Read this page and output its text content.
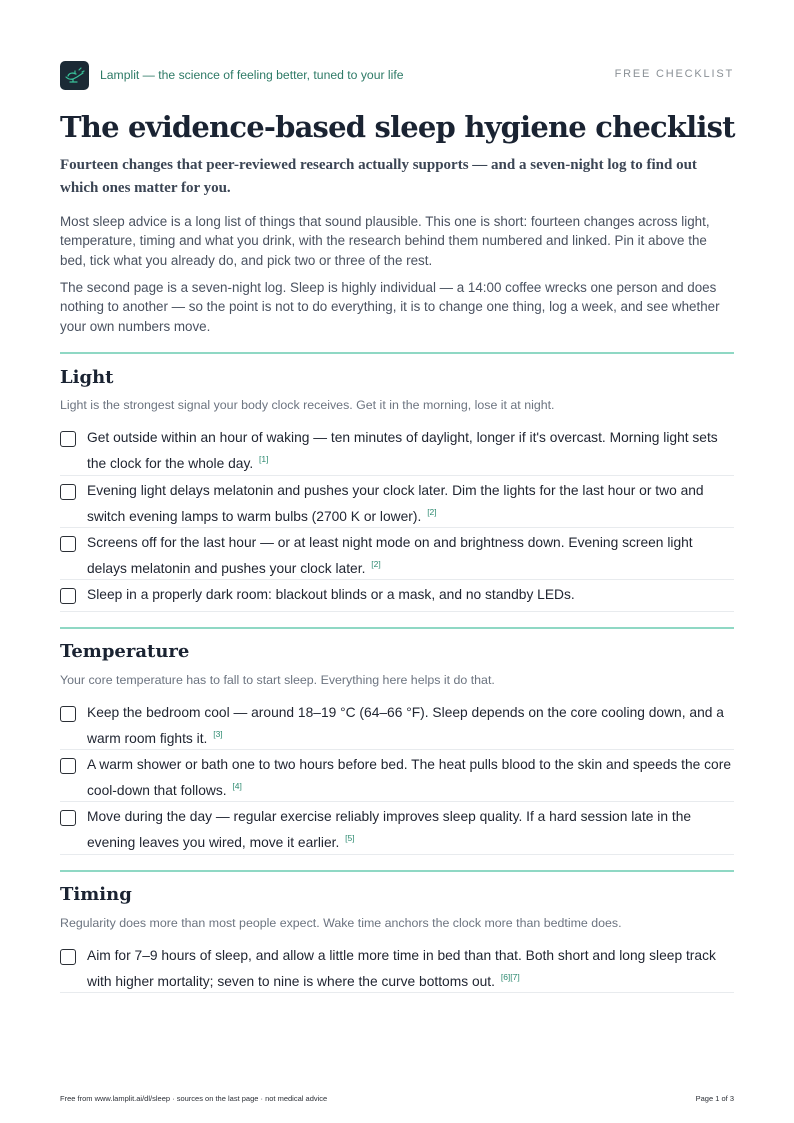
Lamplit — the science of feeling better, tuned to your life	FREE CHECKLIST
The evidence-based sleep hygiene checklist

Fourteen changes that peer-reviewed research actually supports — and a seven-night log to find out which ones matter for you.

Most sleep advice is a long list of things that sound plausible. This one is short: fourteen changes across light, temperature, timing and what you drink, with the research behind them numbered and linked. Pin it above the bed, tick what you already do, and pick two or three of the rest.

The second page is a seven-night log. Sleep is highly individual — a 14:00 coffee wrecks one person and does nothing to another — so the point is not to do everything, it is to change one thing, log a week, and see whether your own numbers move.

Light

Light is the strongest signal your body clock receives. Get it in the morning, lose it at night.

Get outside within an hour of waking — ten minutes of daylight, longer if it's overcast. Morning light sets the clock for the whole day. [1]

Evening light delays melatonin and pushes your clock later. Dim the lights for the last hour or two and switch evening lamps to warm bulbs (2700 K or lower). [2]

Screens off for the last hour — or at least night mode on and brightness down. Evening screen light delays melatonin and pushes your clock later. [2]

Sleep in a properly dark room: blackout blinds or a mask, and no standby LEDs.

Temperature

Your core temperature has to fall to start sleep. Everything here helps it do that.

Keep the bedroom cool — around 18–19 °C (64–66 °F). Sleep depends on the core cooling down, and a warm room fights it. [3]

A warm shower or bath one to two hours before bed. The heat pulls blood to the skin and speeds the core cool-down that follows. [4]

Move during the day — regular exercise reliably improves sleep quality. If a hard session late in the evening leaves you wired, move it earlier. [5]

Timing

Regularity does more than most people expect. Wake time anchors the clock more than bedtime does.

Aim for 7–9 hours of sleep, and allow a little more time in bed than that. Both short and long sleep track with higher mortality; seven to nine is where the curve bottoms out. [6][7]

Free from www.lamplit.ai/dl/sleep · sources on the last page · not medical advice	Page 1 of 3
